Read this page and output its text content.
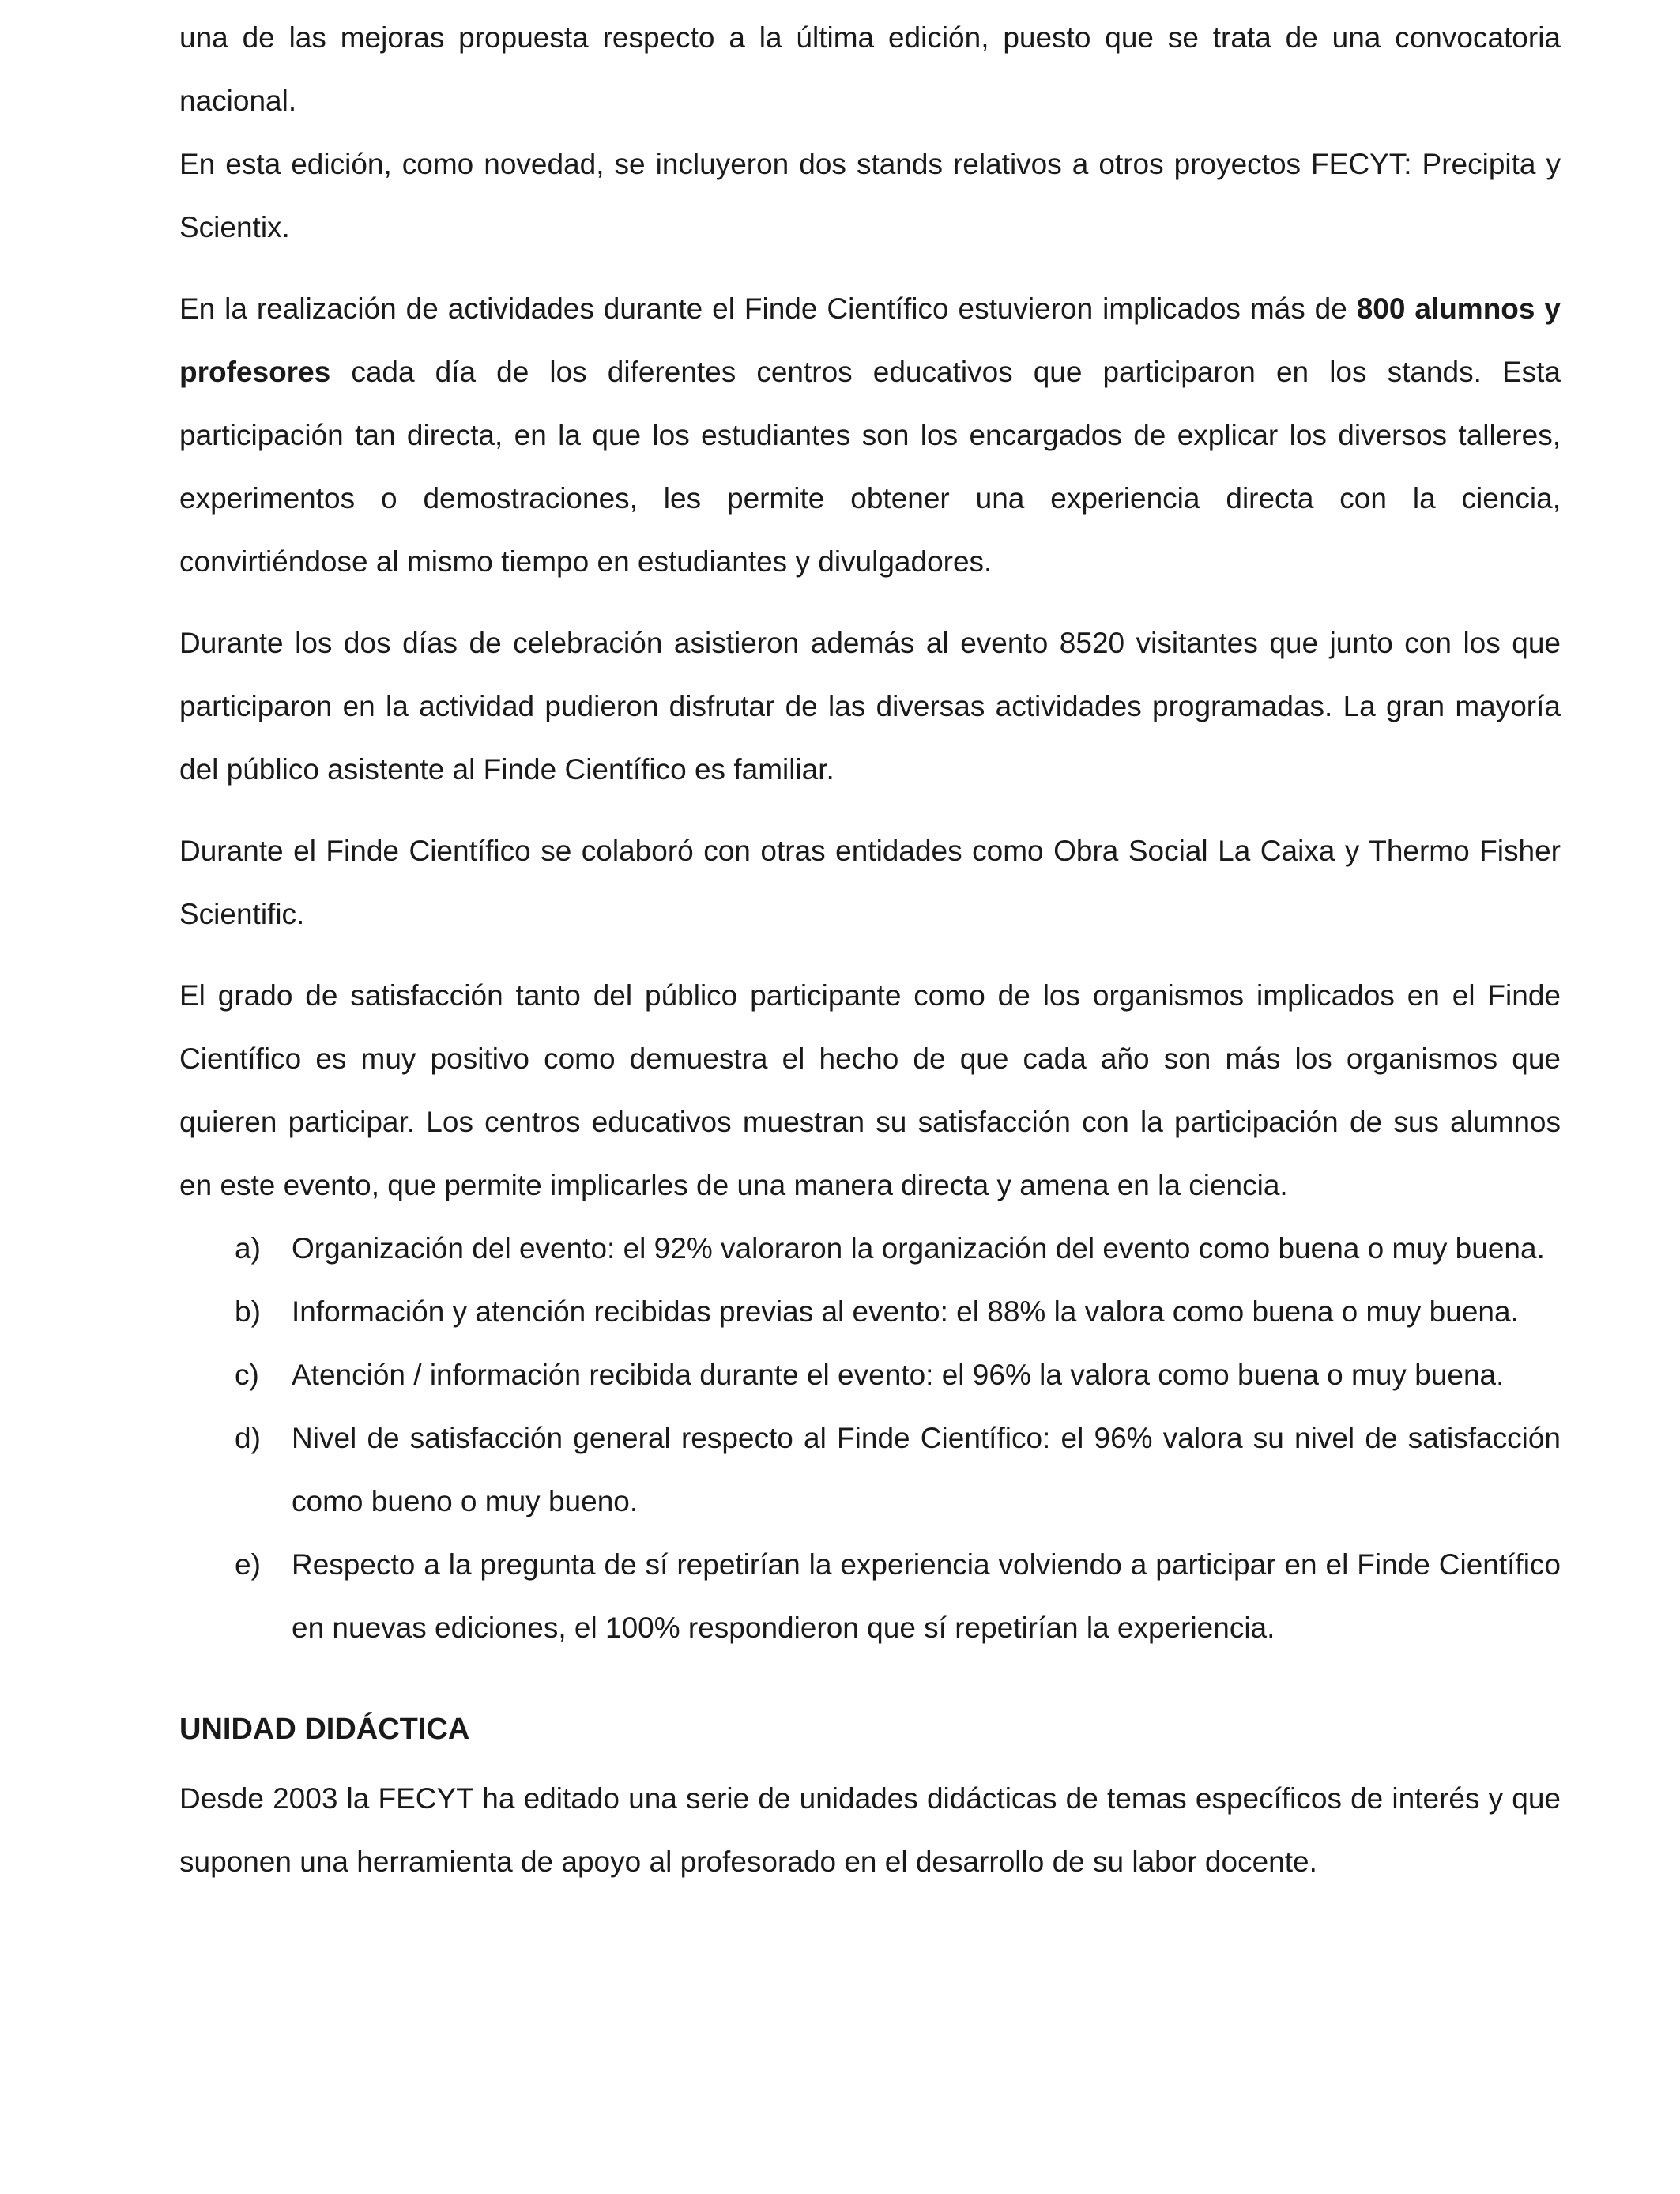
una de las mejoras propuesta respecto a la última edición, puesto que se trata de una convocatoria nacional.

En esta edición, como novedad, se incluyeron dos stands relativos a otros proyectos FECYT: Precipita y Scientix.

En la realización de actividades durante el Finde Científico estuvieron implicados más de 800 alumnos y profesores cada día de los diferentes centros educativos que participaron en los stands. Esta participación tan directa, en la que los estudiantes son los encargados de explicar los diversos talleres, experimentos o demostraciones, les permite obtener una experiencia directa con la ciencia, convirtiéndose al mismo tiempo en estudiantes y divulgadores.

Durante los dos días de celebración asistieron además al evento 8520 visitantes que junto con los que participaron en la actividad pudieron disfrutar de las diversas actividades programadas. La gran mayoría del público asistente al Finde Científico es familiar.

Durante el Finde Científico se colaboró con otras entidades como Obra Social La Caixa y Thermo Fisher Scientific.

El grado de satisfacción tanto del público participante como de los organismos implicados en el Finde Científico es muy positivo como demuestra el hecho de que cada año son más los organismos que quieren participar. Los centros educativos muestran su satisfacción con la participación de sus alumnos en este evento, que permite implicarles de una manera directa y amena en la ciencia.

a) Organización del evento: el 92% valoraron la organización del evento como buena o muy buena.
b) Información y atención recibidas previas al evento: el 88% la valora como buena o muy buena.
c) Atención / información recibida durante el evento: el 96% la valora como buena o muy buena.
d) Nivel de satisfacción general respecto al Finde Científico: el 96% valora su nivel de satisfacción como bueno o muy bueno.
e) Respecto a la pregunta de sí repetirían la experiencia volviendo a participar en el Finde Científico en nuevas ediciones, el 100% respondieron que sí repetirían la experiencia.
UNIDAD DIDÁCTICA

Desde 2003 la FECYT ha editado una serie de unidades didácticas de temas específicos de interés y que suponen una herramienta de apoyo al profesorado en el desarrollo de su labor docente.
